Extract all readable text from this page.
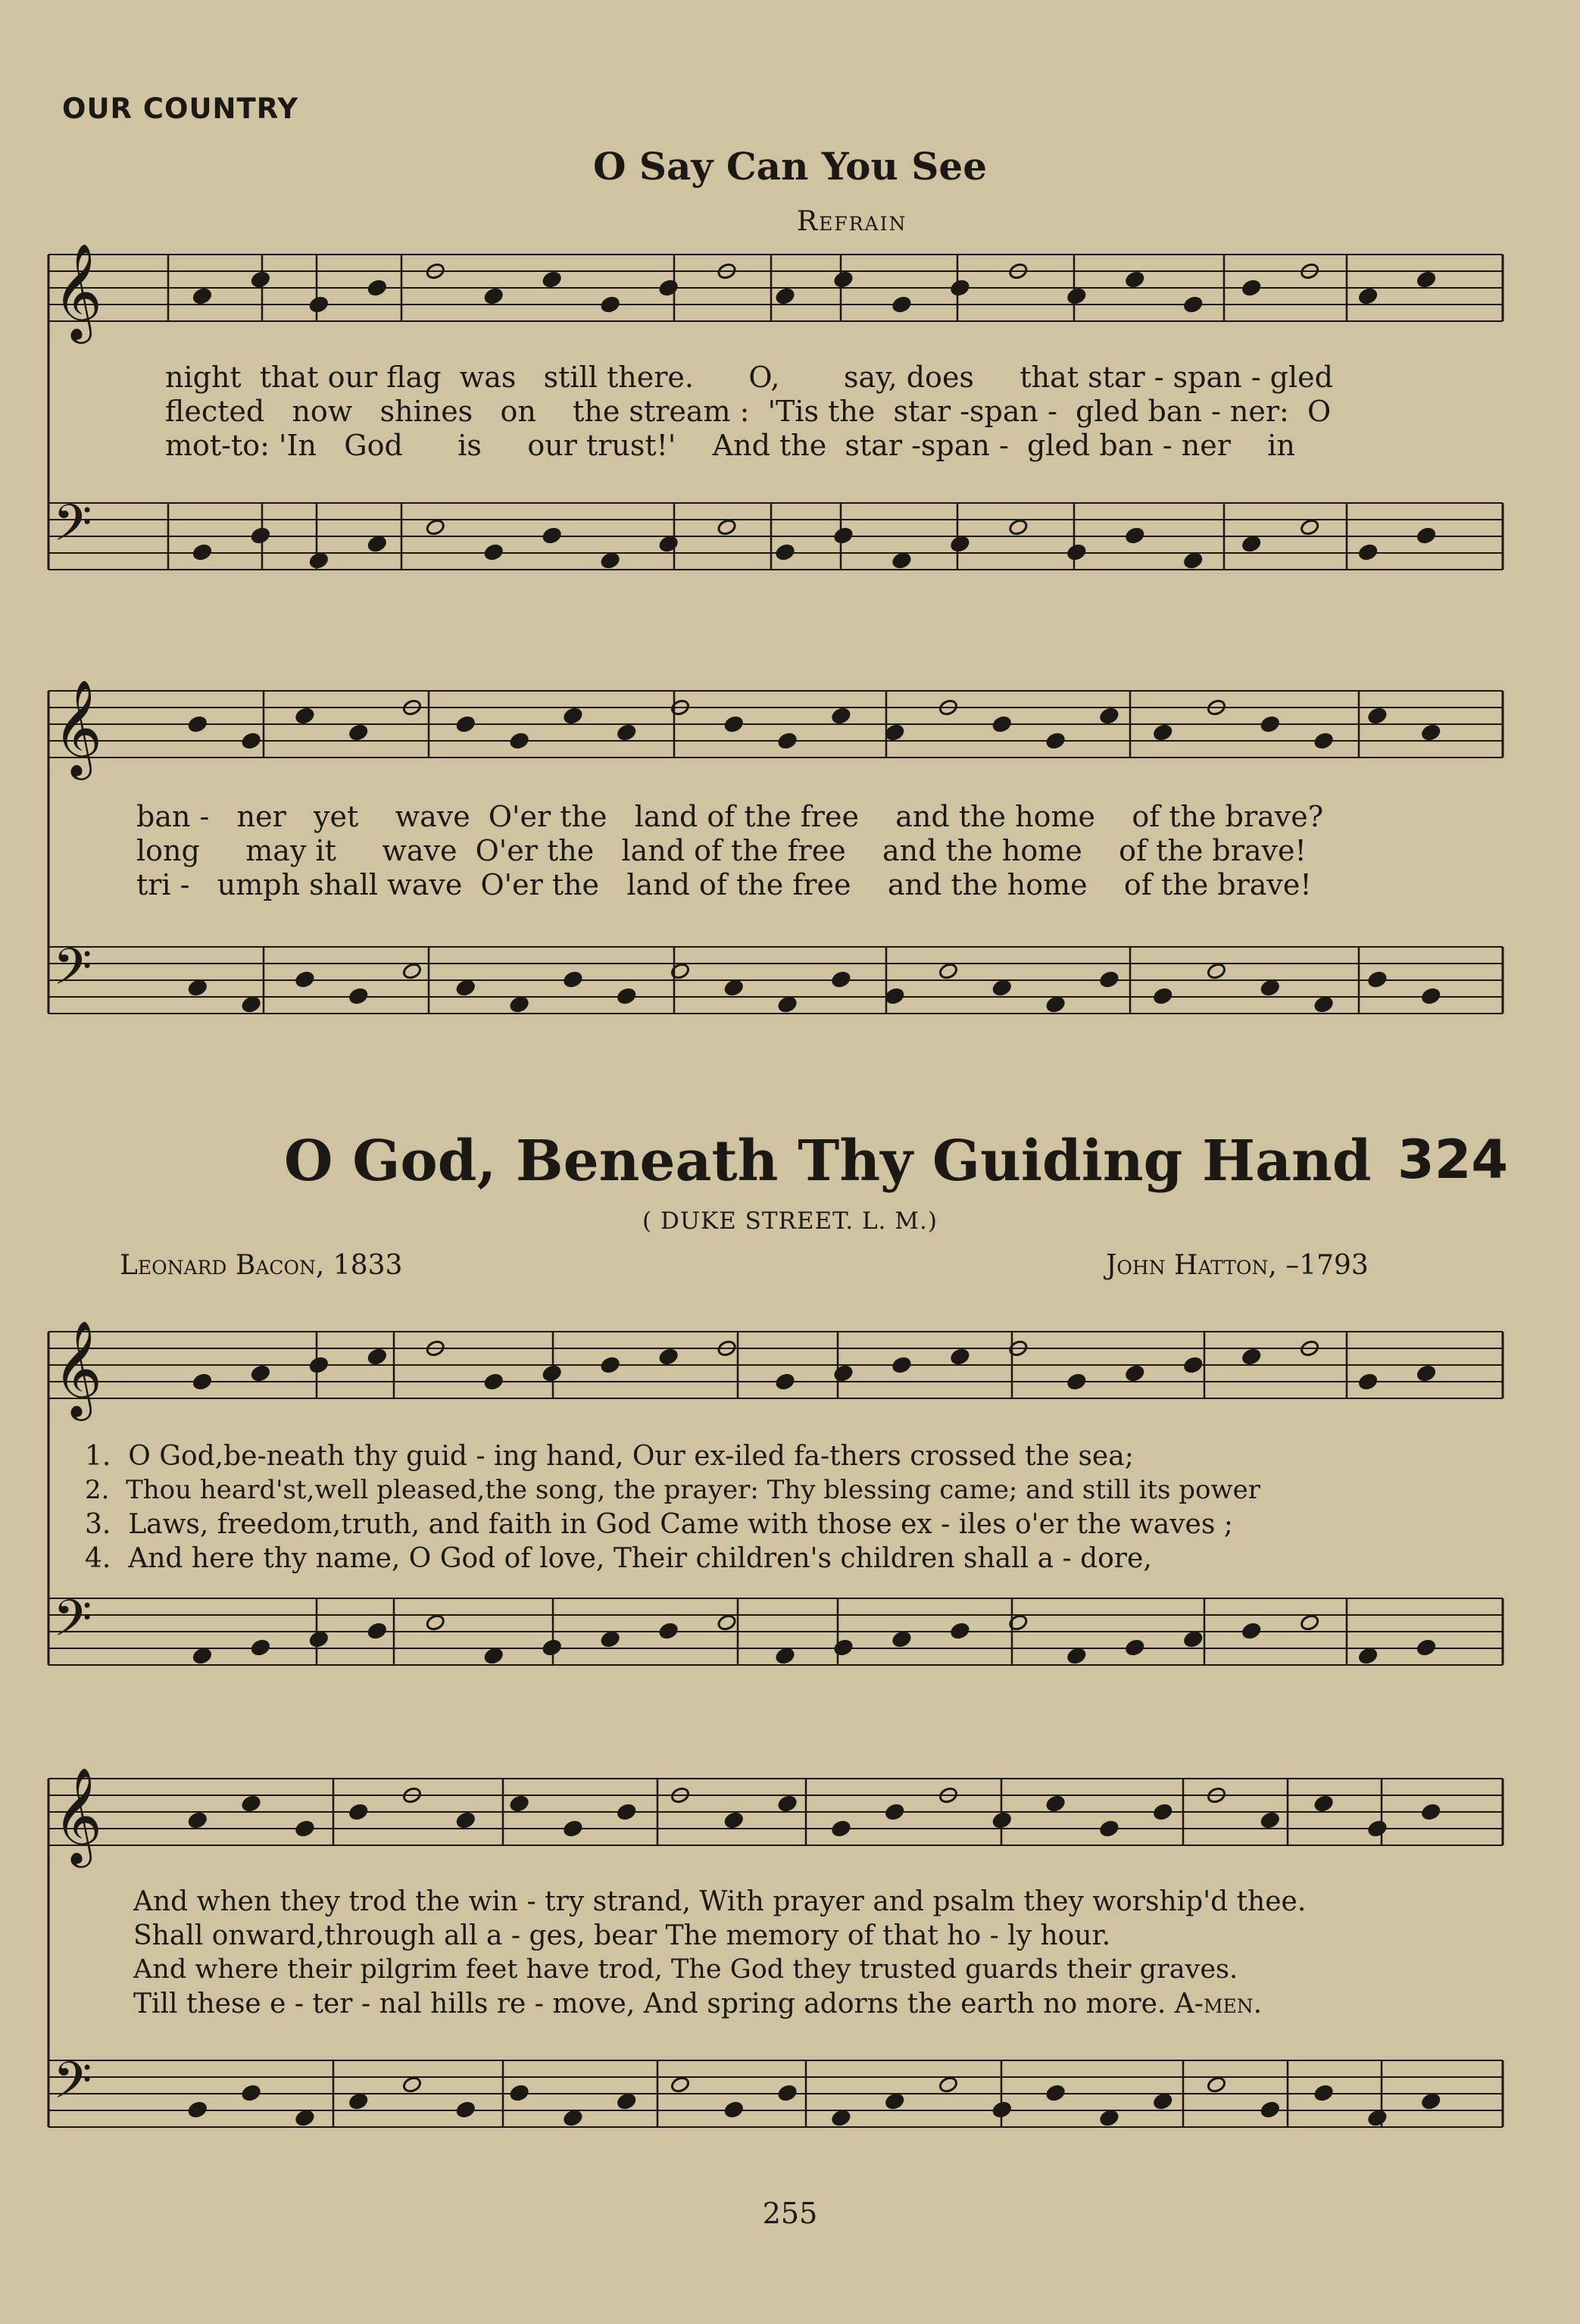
𝄞
𝄢
𝄞
𝄢
𝄞
𝄢
𝄞
𝄢
OUR COUNTRY
O Say Can You See
Refrain
night that our flag was still there. O, say, does that star - span - gled
flected now shines on the stream : 'Tis the star -span - gled ban - ner: O
mot-to: 'In God is our trust!' And the star -span - gled ban - ner in
ban - ner yet wave O'er the land of the free and the home of the brave?
long may it wave O'er the land of the free and the home of the brave!
tri - umph shall wave O'er the land of the free and the home of the brave!
O God, Beneath Thy Guiding Hand 324
( DUKE STREET. L. M.)
Leonard Bacon, 1833	John Hatton, –1793
1. O God,be-neath thy guid - ing hand, Our ex-iled fa-thers crossed the sea;
2. Thou heard'st,well pleased,the song, the prayer: Thy blessing came; and still its power
3. Laws, freedom,truth, and faith in God Came with those ex - iles o'er the waves ;
4. And here thy name, O God of love, Their children's children shall a - dore,
And when they trod the win - try strand, With prayer and psalm they worship'd thee.
Shall onward,through all a - ges, bear The memory of that ho - ly hour.
And where their pilgrim feet have trod, The God they trusted guards their graves.
Till these e - ter - nal hills re - move, And spring adorns the earth no more. A-men.
255
